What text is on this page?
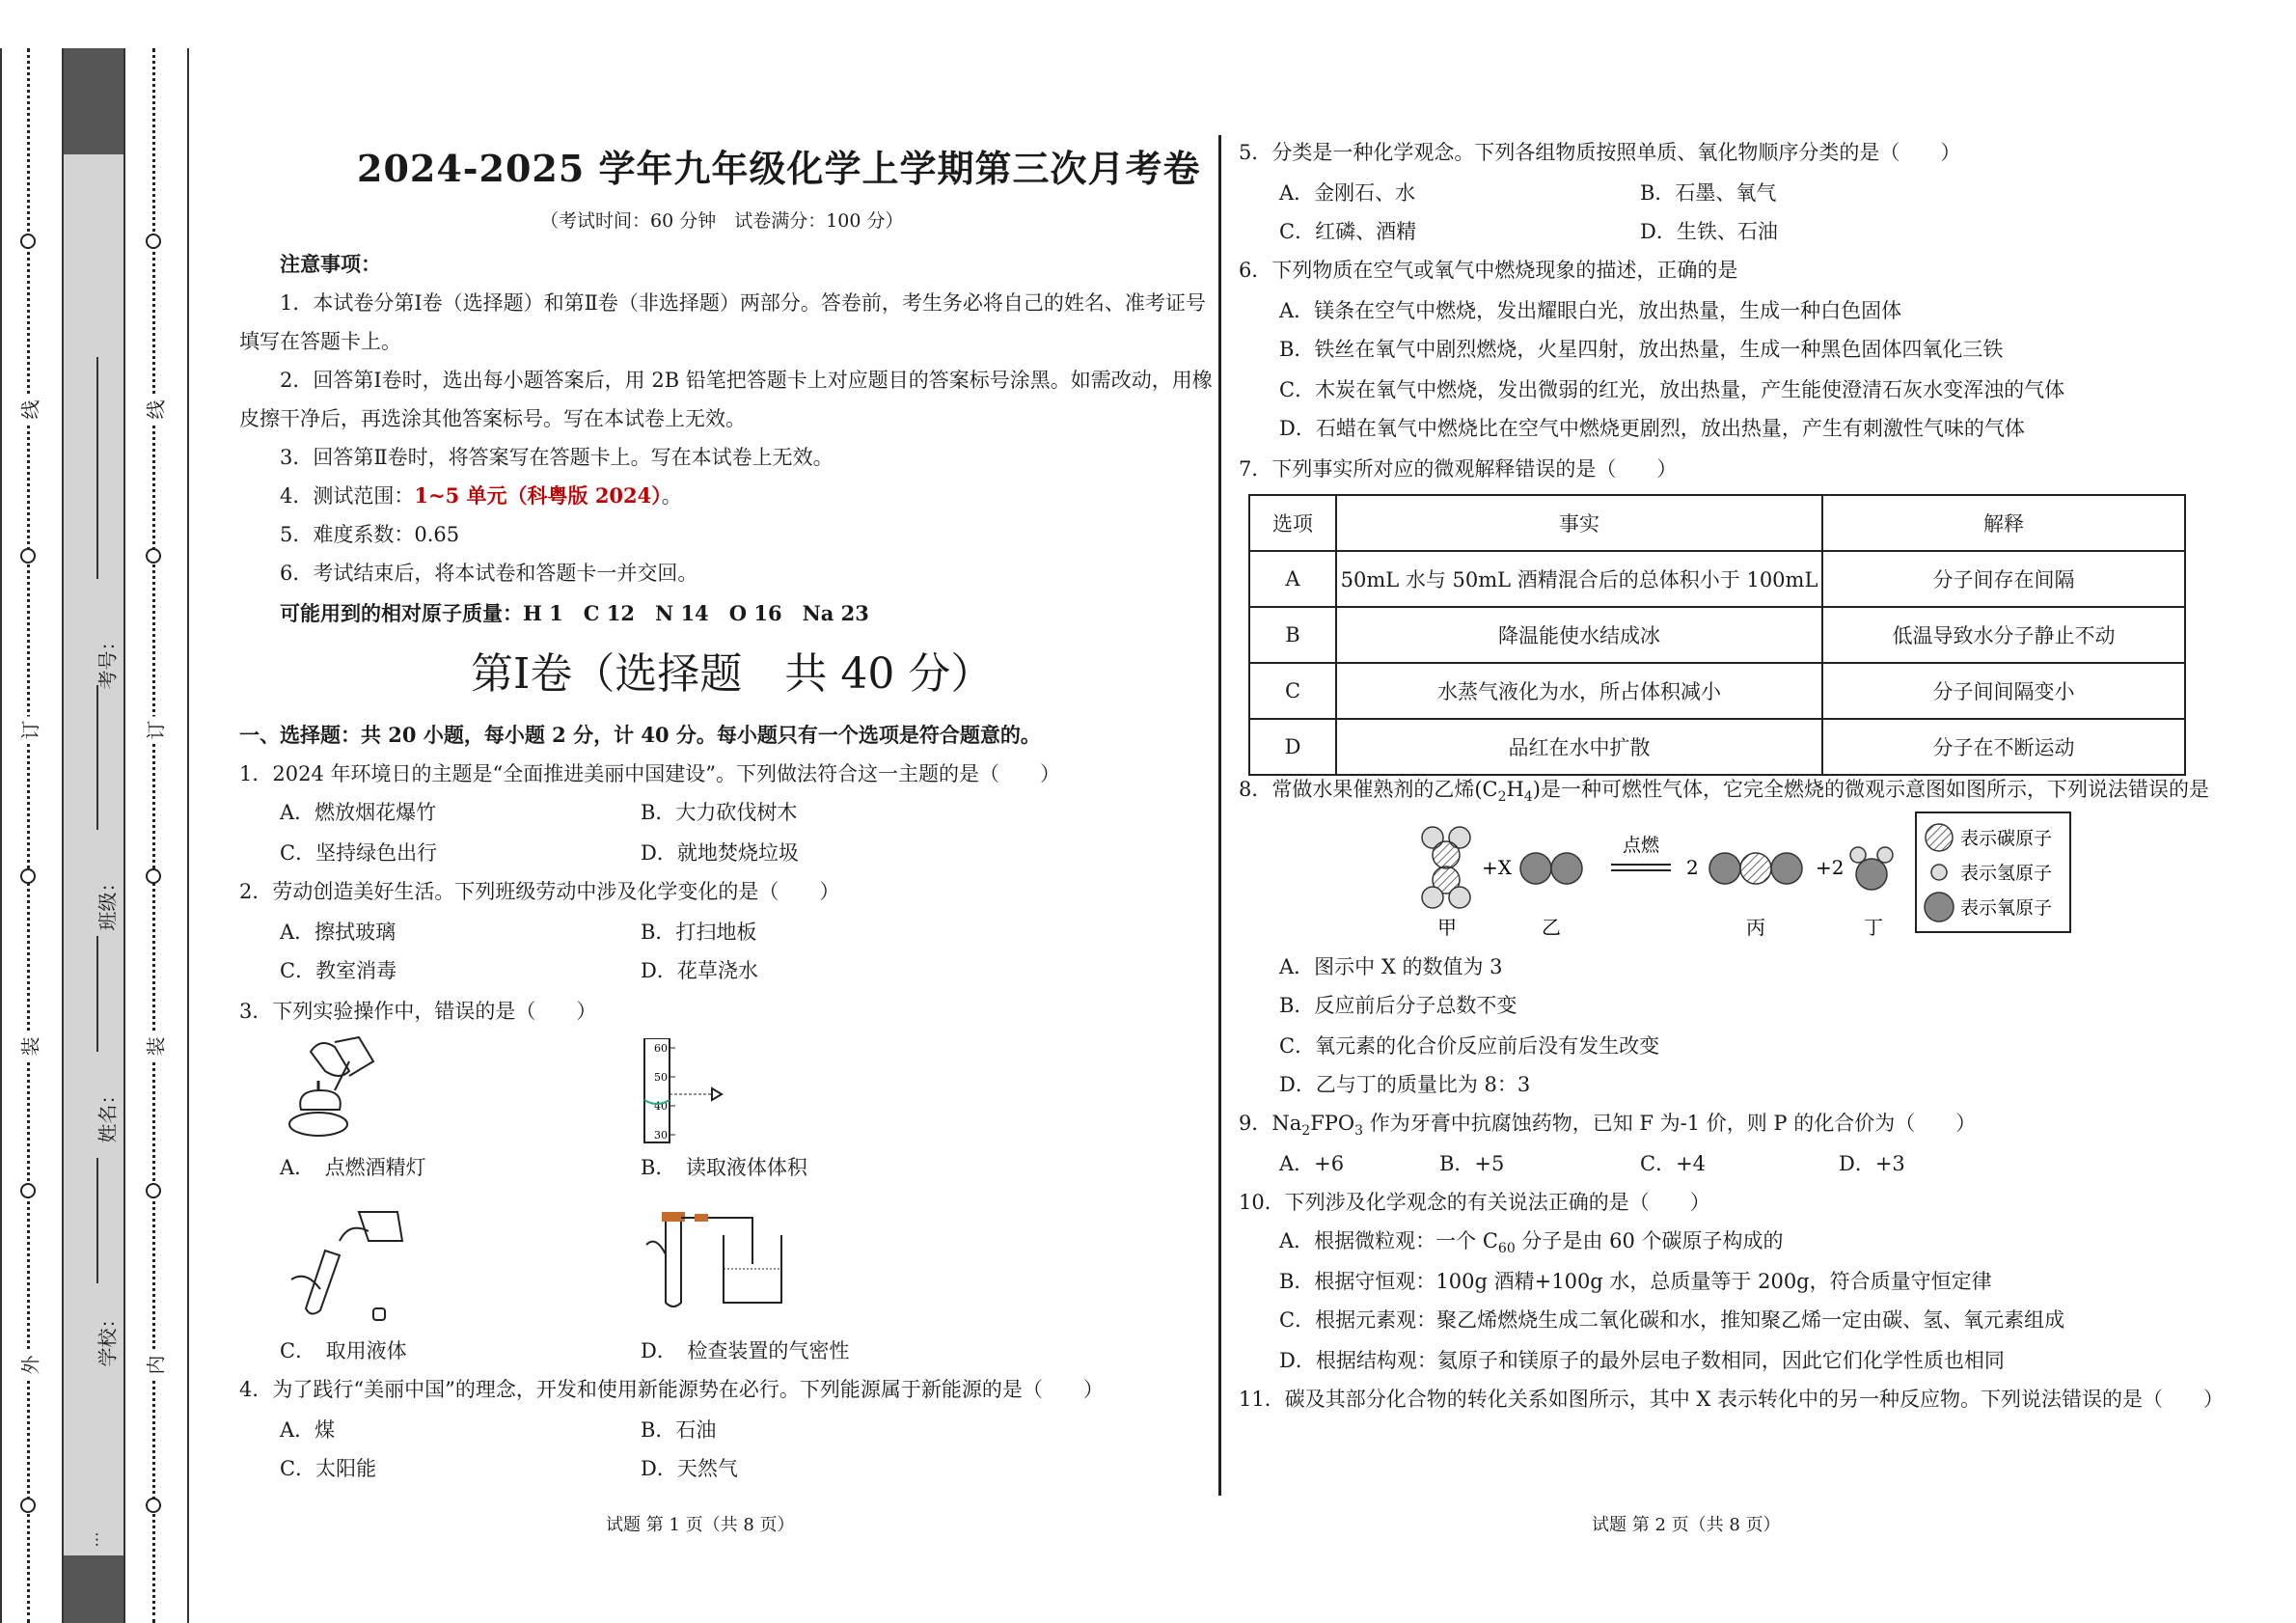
线
订
装
外
线
订
装
内
考号：
班级：
姓名：
学校：
…
2024-2025 学年九年级化学上学期第三次月考卷
（考试时间：60 分钟　试卷满分：100 分）
注意事项：
1．本试卷分第Ⅰ卷（选择题）和第Ⅱ卷（非选择题）两部分。答卷前，考生务必将自己的姓名、准考证号
填写在答题卡上。
2．回答第Ⅰ卷时，选出每小题答案后，用 2B 铅笔把答题卡上对应题目的答案标号涂黑。如需改动，用橡
皮擦干净后，再选涂其他答案标号。写在本试卷上无效。
3．回答第Ⅱ卷时，将答案写在答题卡上。写在本试卷上无效。
4．测试范围：1~5 单元（科粤版 2024）。
5．难度系数：0.65
6．考试结束后，将本试卷和答题卡一并交回。
可能用到的相对原子质量：H 1　C 12　N 14　O 16　Na 23
第Ⅰ卷（选择题　共 40 分）
一、选择题：共 20 小题，每小题 2 分，计 40 分。每小题只有一个选项是符合题意的。
1．2024 年环境日的主题是“全面推进美丽中国建设”。下列做法符合这一主题的是（　　）
A．燃放烟花爆竹	B．大力砍伐树木
C．坚持绿色出行	D．就地焚烧垃圾
2．劳动创造美好生活。下列班级劳动中涉及化学变化的是（　　）
A．擦拭玻璃	B．打扫地板
C．教室消毒	D．花草浇水
3．下列实验操作中，错误的是（　　）
A．　点燃酒精灯
60
50
40
30
B．　读取液体体积
C．　取用液体	D．　检查装置的气密性
4．为了践行“美丽中国”的理念，开发和使用新能源势在必行。下列能源属于新能源的是（　　）
A．煤	B．石油
C．太阳能	D．天然气
试题 第 1 页（共 8 页）
5．分类是一种化学观念。下列各组物质按照单质、氧化物顺序分类的是（　　）
A．金刚石、水	B．石墨、氧气
C．红磷、酒精	D．生铁、石油
6．下列物质在空气或氧气中燃烧现象的描述，正确的是
A．镁条在空气中燃烧，发出耀眼白光，放出热量，生成一种白色固体
B．铁丝在氧气中剧烈燃烧，火星四射，放出热量，生成一种黑色固体四氧化三铁
C．木炭在氧气中燃烧，发出微弱的红光，放出热量，产生能使澄清石灰水变浑浊的气体
D．石蜡在氧气中燃烧比在空气中燃烧更剧烈，放出热量，产生有刺激性气味的气体
7．下列事实所对应的微观解释错误的是（　　）
选项	事实	解释
A	50mL 水与 50mL 酒精混合后的总体积小于 100mL	分子间存在间隔
B	降温能使水结成冰	低温导致水分子静止不动
C	水蒸气液化为水，所占体积减小	分子间间隔变小
D	品红在水中扩散	分子在不断运动
8．常做水果催熟剂的乙烯$(C_2H_4)$是一种可燃性气体，它完全燃烧的微观示意图如图所示，下列说法错误的是
+X
点燃
2	+2
甲	乙	丙	丁
表示碳原子
表示氢原子
表示氧原子
A．图示中 X 的数值为 3
B．反应前后分子总数不变
C．氧元素的化合价反应前后没有发生改变
D．乙与丁的质量比为 8：3
9．$Na_2FPO_3$ 作为牙膏中抗腐蚀药物，已知 F 为-1 价，则 P 的化合价为（　　）
A．+6	B．+5	C．+4	D．+3
10．下列涉及化学观念的有关说法正确的是（　　）
A．根据微粒观：一个 $C_{60}$ 分子是由 60 个碳原子构成的
B．根据守恒观：100g 酒精+100g 水，总质量等于 200g，符合质量守恒定律
C．根据元素观：聚乙烯燃烧生成二氧化碳和水，推知聚乙烯一定由碳、氢、氧元素组成
D．根据结构观：氦原子和镁原子的最外层电子数相同，因此它们化学性质也相同
11．碳及其部分化合物的转化关系如图所示，其中 X 表示转化中的另一种反应物。下列说法错误的是（　　）
试题 第 2 页（共 8 页）
